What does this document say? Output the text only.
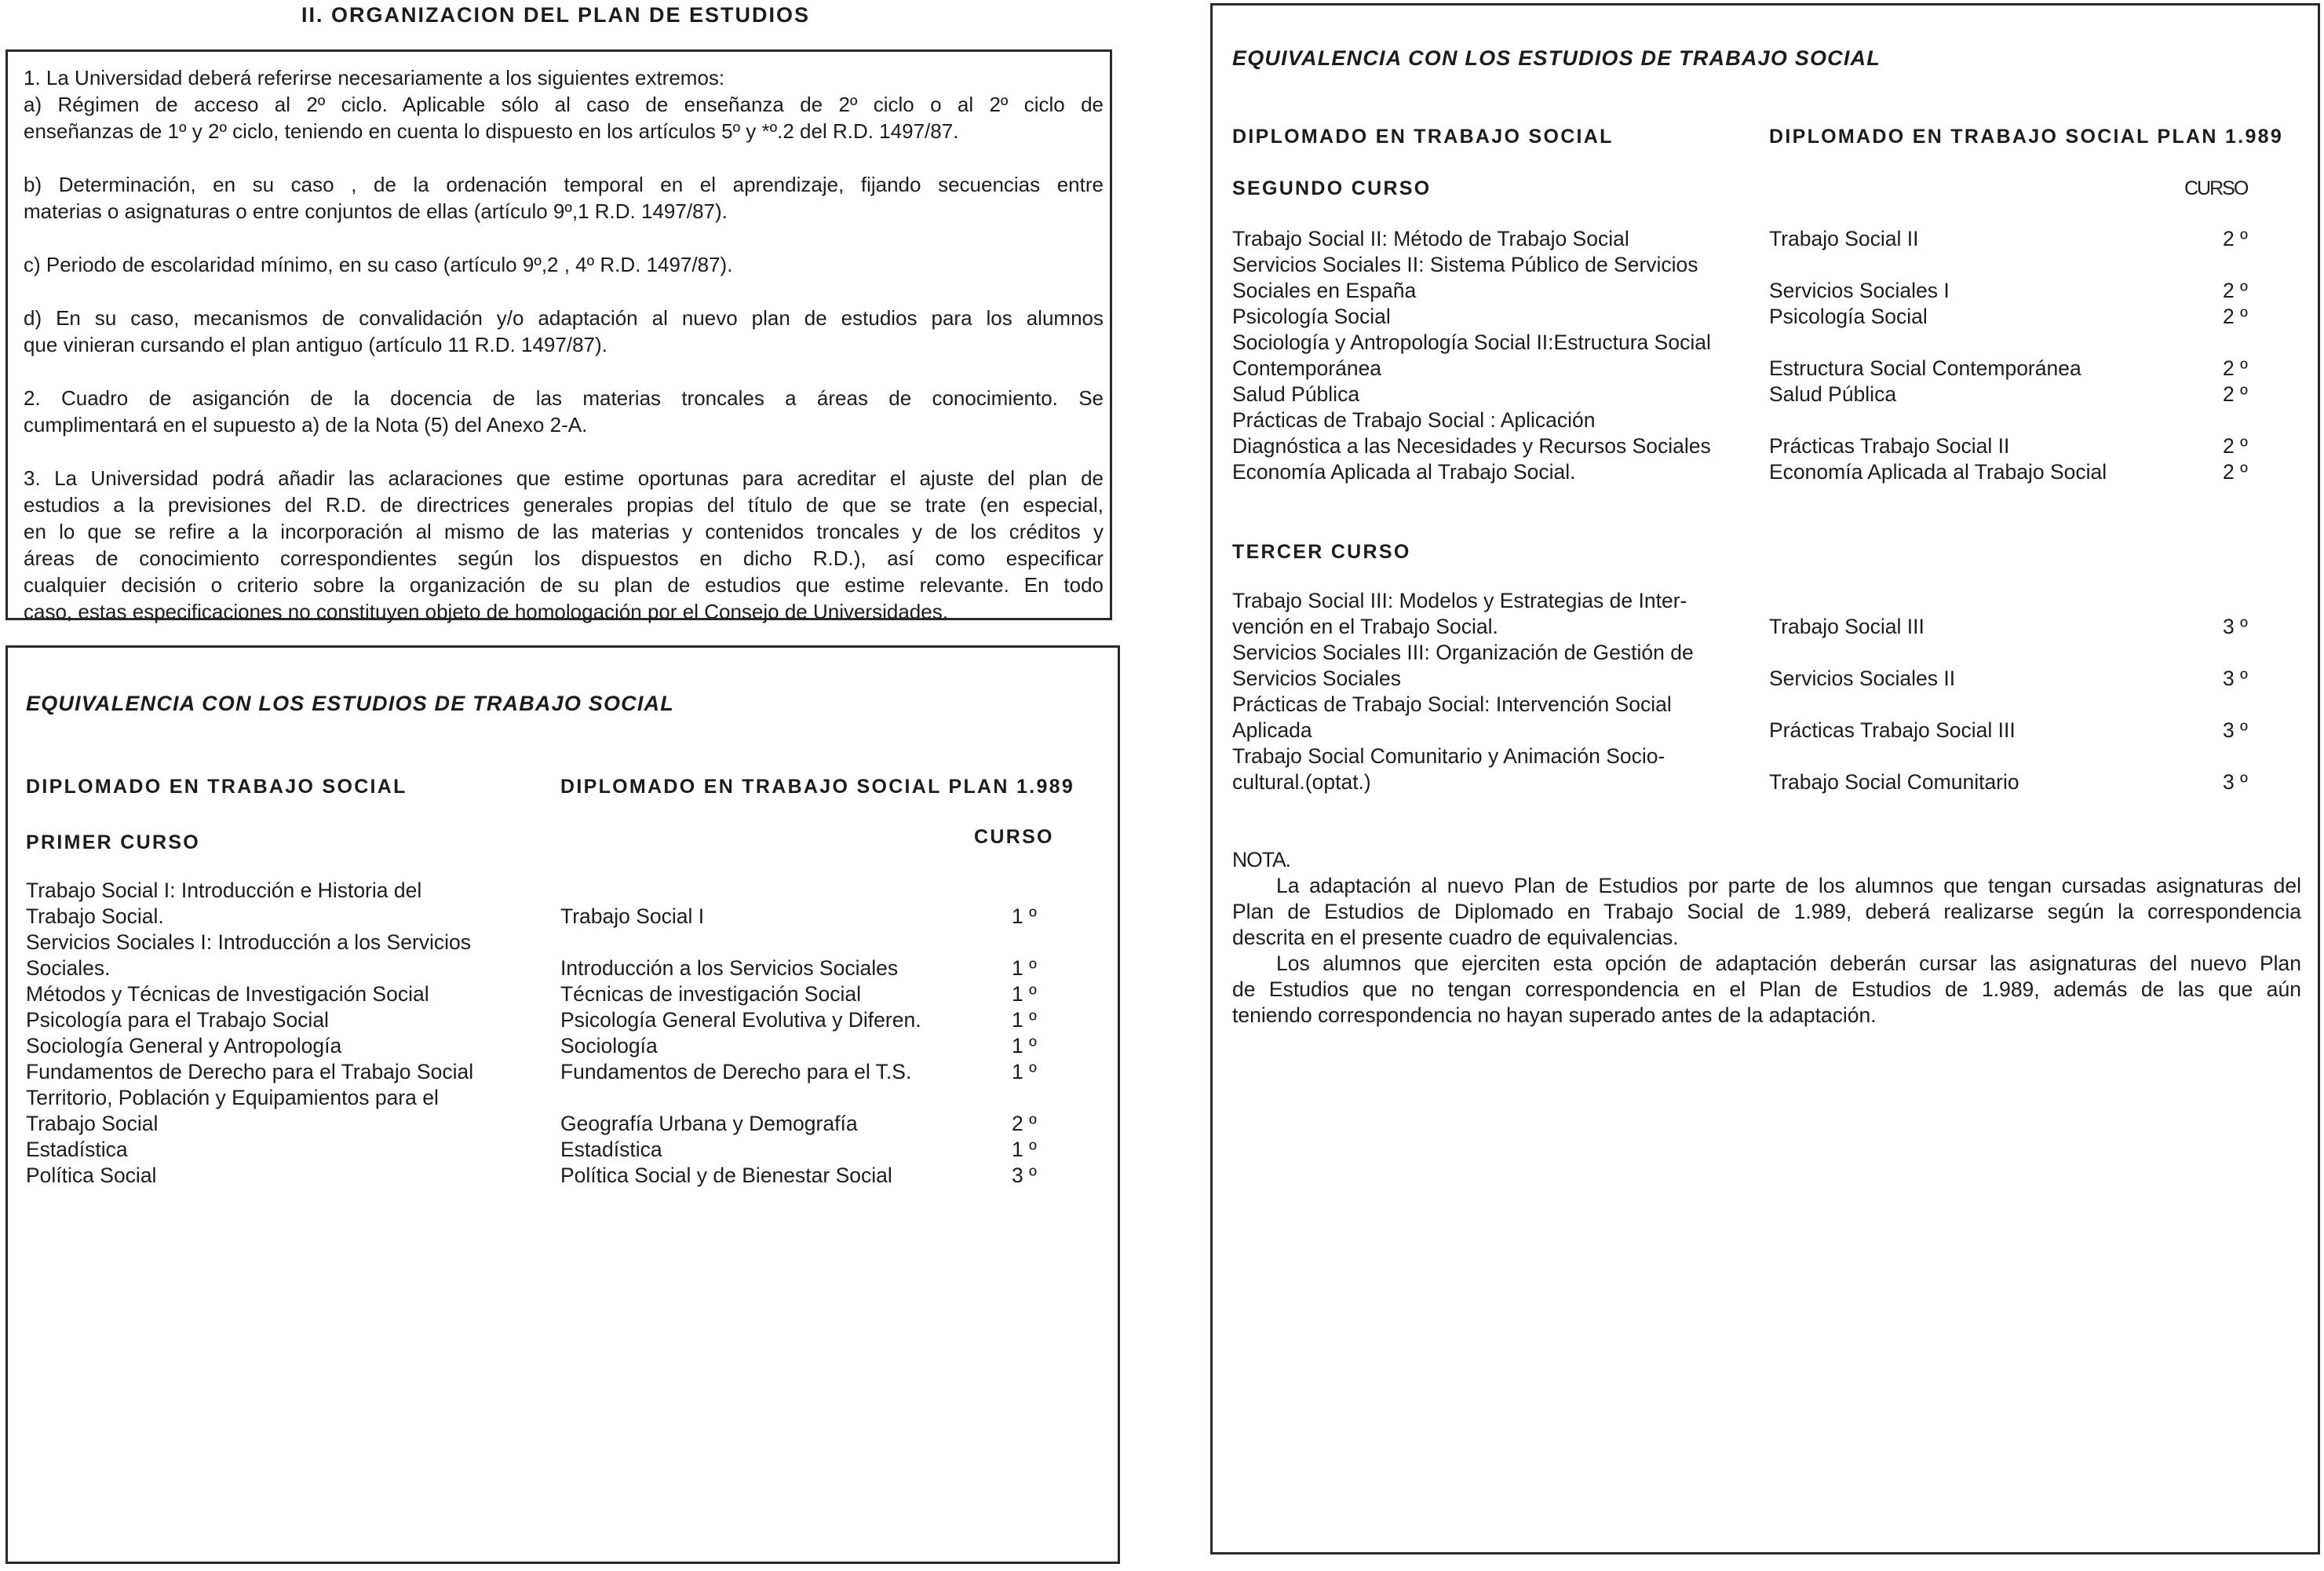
II. ORGANIZACION DEL PLAN DE ESTUDIOS
1. La Universidad deberá referirse necesariamente a los siguientes extremos:
a) Régimen de acceso al 2º ciclo. Aplicable sólo al caso de enseñanza de 2º ciclo o al 2º ciclo de
enseñanzas de 1º y 2º ciclo, teniendo en cuenta lo dispuesto en los artículos 5º y *º.2 del R.D. 1497/87.
b) Determinación, en su caso , de la ordenación temporal en el aprendizaje, fijando secuencias entre
materias o asignaturas o entre conjuntos de ellas (artículo 9º,1 R.D. 1497/87).
c) Periodo de escolaridad mínimo, en su caso (artículo 9º,2 , 4º R.D. 1497/87).
d) En su caso, mecanismos de convalidación y/o adaptación al nuevo plan de estudios para los alumnos
que vinieran cursando el plan antiguo (artículo 11 R.D. 1497/87).
2. Cuadro de asiganción de la docencia de las materias troncales a áreas de conocimiento. Se
cumplimentará en el supuesto a) de la Nota (5) del Anexo 2-A.
3. La Universidad podrá añadir las aclaraciones que estime oportunas para acreditar el ajuste del plan de
estudios a la previsiones del R.D. de directrices generales propias del título de que se trate (en especial,
en lo que se refire a la incorporación al mismo de las materias y contenidos troncales y de los créditos y
áreas de conocimiento correspondientes según los dispuestos en dicho R.D.), así como especificar
cualquier decisión o criterio sobre la organización de su plan de estudios que estime relevante. En todo
caso, estas especificaciones no constituyen objeto de homologación por el Consejo de Universidades.
EQUIVALENCIA CON LOS ESTUDIOS DE TRABAJO SOCIAL
DIPLOMADO EN TRABAJO SOCIAL	DIPLOMADO EN TRABAJO SOCIAL PLAN 1.989
PRIMER CURSO	CURSO
Trabajo Social I: Introducción e Historia del
Trabajo Social.	Trabajo Social I	1 º
Servicios Sociales I: Introducción a los Servicios
Sociales.	Introducción a los Servicios Sociales	1 º
Métodos y Técnicas de Investigación Social	Técnicas de investigación Social	1 º
Psicología para el Trabajo Social	Psicología General Evolutiva y Diferen.	1 º
Sociología General y Antropología	Sociología	1 º
Fundamentos de Derecho para el Trabajo Social	Fundamentos de Derecho para el T.S.	1 º
Territorio, Población y Equipamientos para el
Trabajo Social	Geografía Urbana y Demografía	2 º
Estadística	Estadística	1 º
Política Social	Política Social y de Bienestar Social	3 º
EQUIVALENCIA CON LOS ESTUDIOS DE TRABAJO SOCIAL
DIPLOMADO EN TRABAJO SOCIAL	DIPLOMADO EN TRABAJO SOCIAL PLAN 1.989
SEGUNDO CURSO	CURSO
Trabajo Social II: Método de Trabajo Social	Trabajo Social II	2 º
Servicios Sociales II: Sistema Público de Servicios
Sociales en España	Servicios Sociales I	2 º
Psicología Social	Psicología Social	2 º
Sociología y Antropología Social II:Estructura Social
Contemporánea	Estructura Social Contemporánea	2 º
Salud Pública	Salud Pública	2 º
Prácticas de Trabajo Social : Aplicación
Diagnóstica a las Necesidades y Recursos Sociales	Prácticas Trabajo Social II	2 º
Economía Aplicada al Trabajo Social.	Economía Aplicada al Trabajo Social	2 º
TERCER CURSO
Trabajo Social III: Modelos y Estrategias de Inter-
vención en el Trabajo Social.	Trabajo Social III	3 º
Servicios Sociales III: Organización de Gestión de
Servicios Sociales	Servicios Sociales II	3 º
Prácticas de Trabajo Social: Intervención Social
Aplicada	Prácticas Trabajo Social III	3 º
Trabajo Social Comunitario y Animación Socio-
cultural.(optat.)	Trabajo Social Comunitario	3 º
NOTA.
La adaptación al nuevo Plan de Estudios por parte de los alumnos que tengan cursadas asignaturas del
Plan de Estudios de Diplomado en Trabajo Social de 1.989, deberá realizarse según la correspondencia
descrita en el presente cuadro de equivalencias.
Los alumnos que ejerciten esta opción de adaptación deberán cursar las asignaturas del nuevo Plan
de Estudios que no tengan correspondencia en el Plan de Estudios de 1.989, además de las que aún
teniendo correspondencia no hayan superado antes de la adaptación.
